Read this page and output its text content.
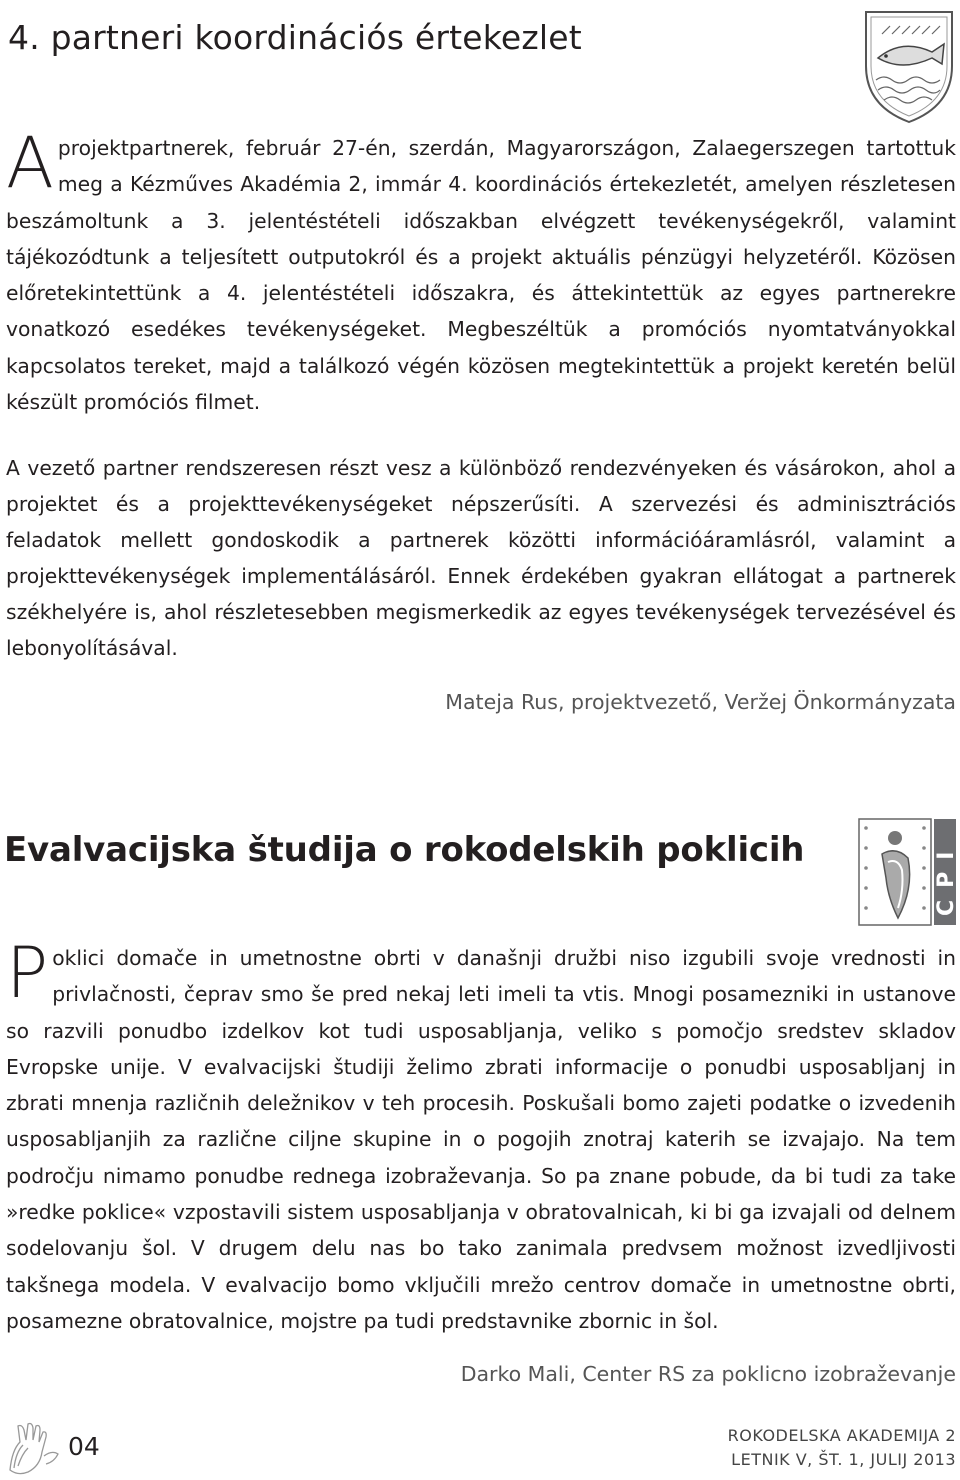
4. partneri koordinációs értekezlet

Aprojektpartnerek, február 27-én, szerdán, Magyarországon, Zalaegerszegen tartottuk meg a Kézműves Akadémia 2, immár 4. koordinációs értekezletét, amelyen részletesen beszámoltunk a 3. jelentéstételi időszakban elvégzett tevékenységekről, valamint tájékozódtunk a teljesített outputokról és a projekt aktuális pénzügyi helyzetéről. Közösen előretekintettünk a 4. jelentéstételi időszakra, és áttekintettük az egyes partnerekre vonatkozó esedékes tevékenységeket. Megbeszéltük a promóciós nyomtatványokkal kapcsolatos tereket, majd a találkozó végén közösen megtekintettük a projekt keretén belül készült promóciós filmet.

A vezető partner rendszeresen részt vesz a különböző rendezvényeken és vásárokon, ahol a projektet és a projekttevékenységeket népszerűsíti. A szervezési és adminisztrációs feladatok mellett gondoskodik a partnerek közötti információáramlásról, valamint a projekttevékenységek implementálásáról. Ennek érdekében gyakran ellátogat a partnerek székhelyére is, ahol részletesebben megismerkedik az egyes tevékenységek tervezésével és lebonyolításával.

Mateja Rus, projektvezető, Veržej Önkormányzata
Evalvacijska študija o rokodelskih poklicih	CPI

Poklici domače in umetnostne obrti v današnji družbi niso izgubili svoje vrednosti in privlačnosti, čeprav smo še pred nekaj leti imeli ta vtis. Mnogi posamezniki in ustanove so razvili ponudbo izdelkov kot tudi usposabljanja, veliko s pomočjo sredstev skladov Evropske unije. V evalvacijski študiji želimo zbrati informacije o ponudbi usposabljanj in zbrati mnenja različnih deležnikov v teh procesih. Poskušali bomo zajeti podatke o izvedenih usposabljanjih za različne ciljne skupine in o pogojih znotraj katerih se izvajajo. Na tem področju nimamo ponudbe rednega izobraževanja. So pa znane pobude, da bi tudi za take »redke poklice« vzpostavili sistem usposabljanja v obratovalnicah, ki bi ga izvajali od delnem sodelovanju šol. V drugem delu nas bo tako zanimala predvsem možnost izvedljivosti takšnega modela. V evalvacijo bomo vključili mrežo centrov domače in umetnostne obrti, posamezne obratovalnice, mojstre pa tudi predstavnike zbornic in šol.

Darko Mali, Center RS za poklicno izobraževanje
04	ROKODELSKA AKADEMIJA 2
LETNIK V, ŠT. 1, JULIJ 2013
